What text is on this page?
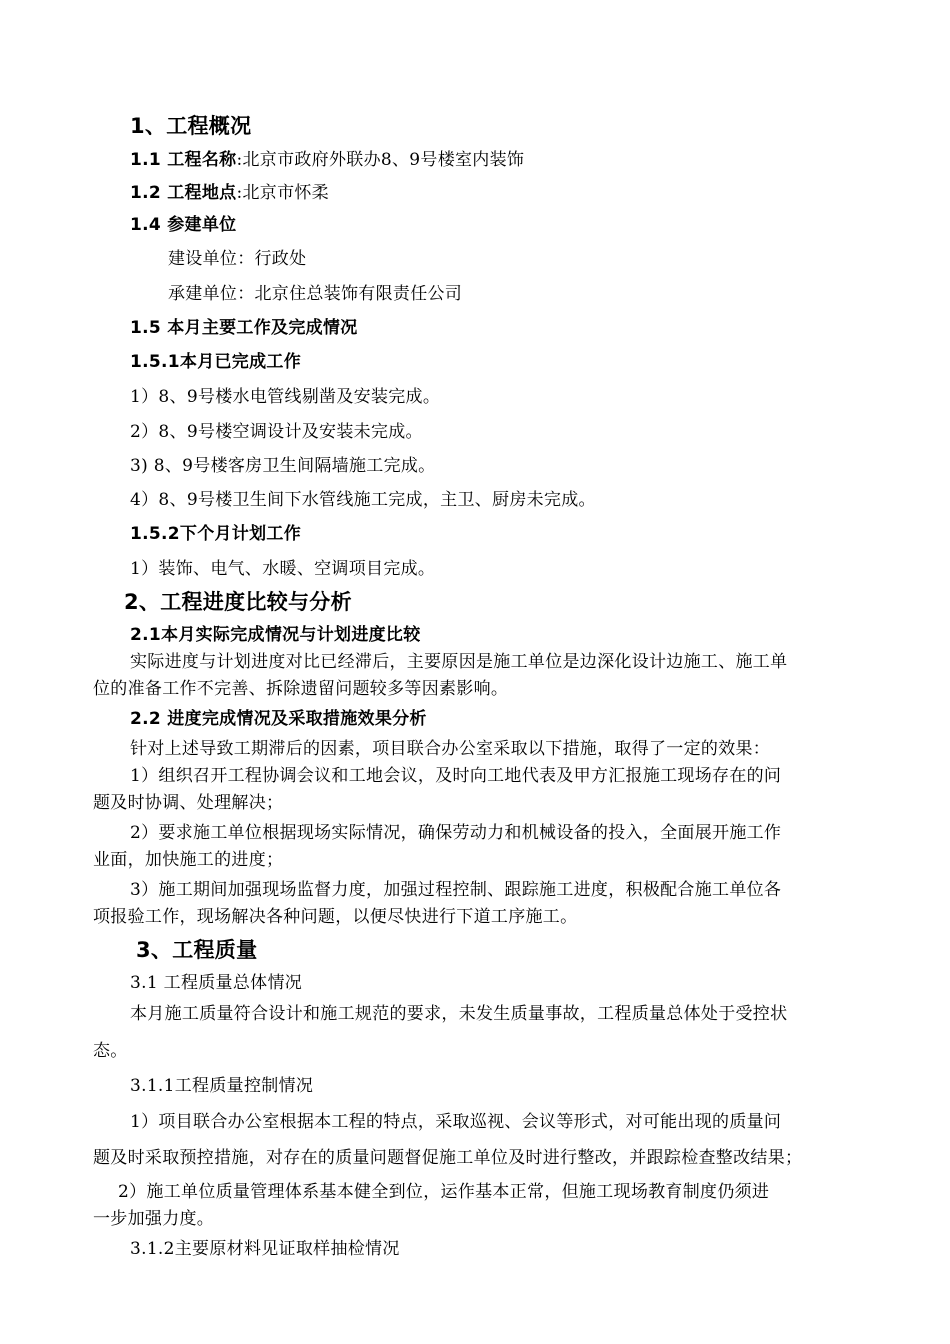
1、工程概况
1.1 工程名称:北京市政府外联办8、9号楼室内装饰
1.2 工程地点:北京市怀柔
1.4 参建单位
建设单位：行政处
承建单位：北京住总装饰有限责任公司
1.5 本月主要工作及完成情况
1.5.1本月已完成工作
1）8、9号楼水电管线剔凿及安装完成。
2）8、9号楼空调设计及安装未完成。
3) 8、9号楼客房卫生间隔墙施工完成。
4）8、9号楼卫生间下水管线施工完成，主卫、厨房未完成。
1.5.2下个月计划工作
1）装饰、电气、水暖、空调项目完成。
2、工程进度比较与分析
2.1本月实际完成情况与计划进度比较
实际进度与计划进度对比已经滞后，主要原因是施工单位是边深化设计边施工、施工单
位的准备工作不完善、拆除遗留问题较多等因素影响。
2.2 进度完成情况及采取措施效果分析
针对上述导致工期滞后的因素，项目联合办公室采取以下措施，取得了一定的效果：
1）组织召开工程协调会议和工地会议，及时向工地代表及甲方汇报施工现场存在的问
题及时协调、处理解决；
2）要求施工单位根据现场实际情况，确保劳动力和机械设备的投入，全面展开施工作
业面，加快施工的进度；
3）施工期间加强现场监督力度，加强过程控制、跟踪施工进度，积极配合施工单位各
项报验工作，现场解决各种问题，以便尽快进行下道工序施工。
3、工程质量
3.1 工程质量总体情况
本月施工质量符合设计和施工规范的要求，未发生质量事故，工程质量总体处于受控状
态。
3.1.1工程质量控制情况
1）项目联合办公室根据本工程的特点，采取巡视、会议等形式，对可能出现的质量问
题及时采取预控措施，对存在的质量问题督促施工单位及时进行整改，并跟踪检查整改结果；
2）施工单位质量管理体系基本健全到位，运作基本正常，但施工现场教育制度仍须进
一步加强力度。
3.1.2主要原材料见证取样抽检情况
